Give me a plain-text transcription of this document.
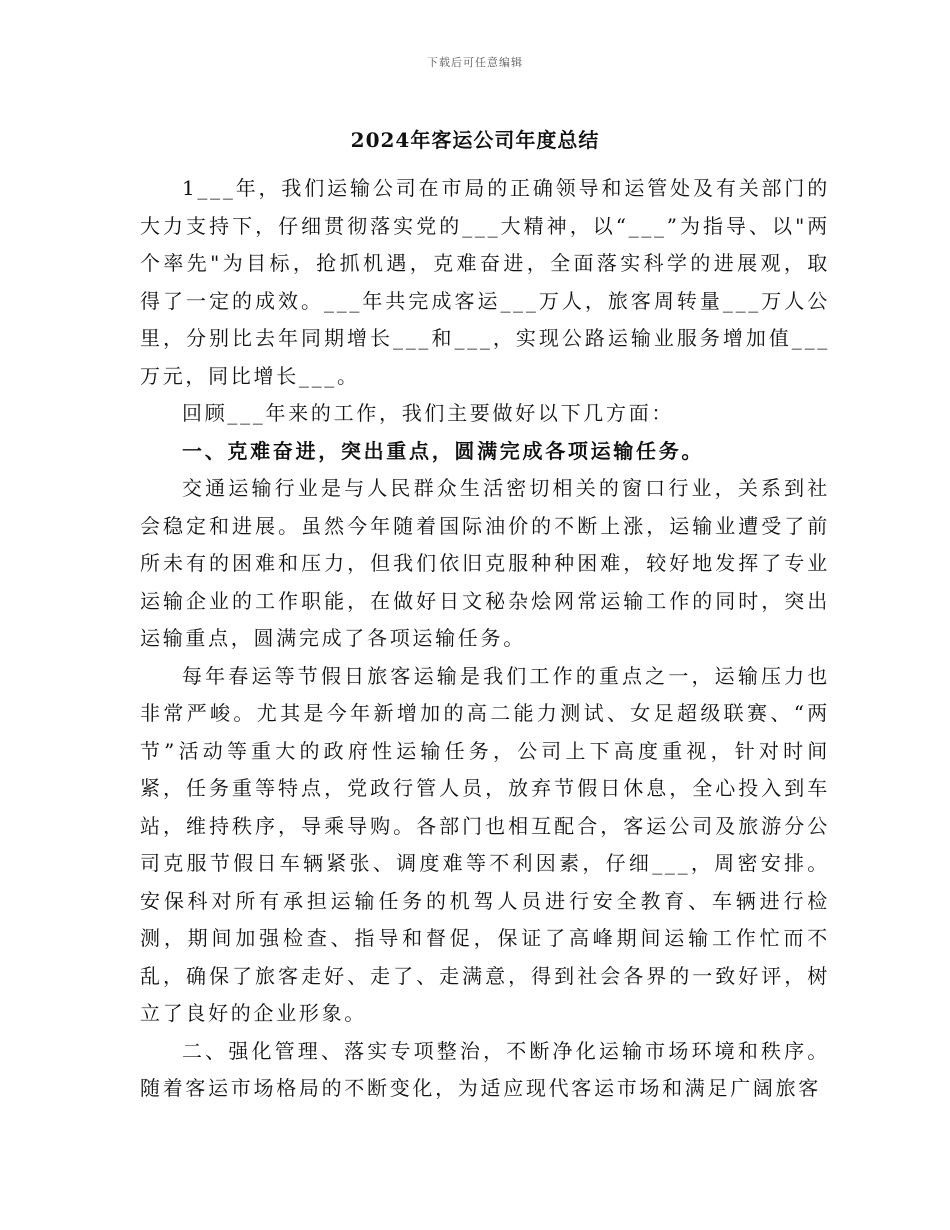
下载后可任意编辑
2024年客运公司年度总结

1___年，我们运输公司在市局的正确领导和运管处及有关部门的大力支持下，仔细贯彻落实党的___大精神，以“___”为指导、以"两个率先"为目标，抢抓机遇，克难奋进，全面落实科学的进展观，取得了一定的成效。___年共完成客运___万人，旅客周转量___万人公里，分别比去年同期增长___和___，实现公路运输业服务增加值___万元，同比增长___。

回顾___年来的工作，我们主要做好以下几方面：

一、克难奋进，突出重点，圆满完成各项运输任务。

交通运输行业是与人民群众生活密切相关的窗口行业，关系到社会稳定和进展。虽然今年随着国际油价的不断上涨，运输业遭受了前所未有的困难和压力，但我们依旧克服种种困难，较好地发挥了专业运输企业的工作职能，在做好日文秘杂烩网常运输工作的同时，突出运输重点，圆满完成了各项运输任务。

每年春运等节假日旅客运输是我们工作的重点之一，运输压力也非常严峻。尤其是今年新增加的高二能力测试、女足超级联赛、“两节”活动等重大的政府性运输任务，公司上下高度重视，针对时间紧，任务重等特点，党政行管人员，放弃节假日休息，全心投入到车站，维持秩序，导乘导购。各部门也相互配合，客运公司及旅游分公司克服节假日车辆紧张、调度难等不利因素，仔细___，周密安排。安保科对所有承担运输任务的机驾人员进行安全教育、车辆进行检测，期间加强检查、指导和督促，保证了高峰期间运输工作忙而不乱，确保了旅客走好、走了、走满意，得到社会各界的一致好评，树立了良好的企业形象。

二、强化管理、落实专项整治，不断净化运输市场环境和秩序。随着客运市场格局的不断变化，为适应现代客运市场和满足广阔旅客
